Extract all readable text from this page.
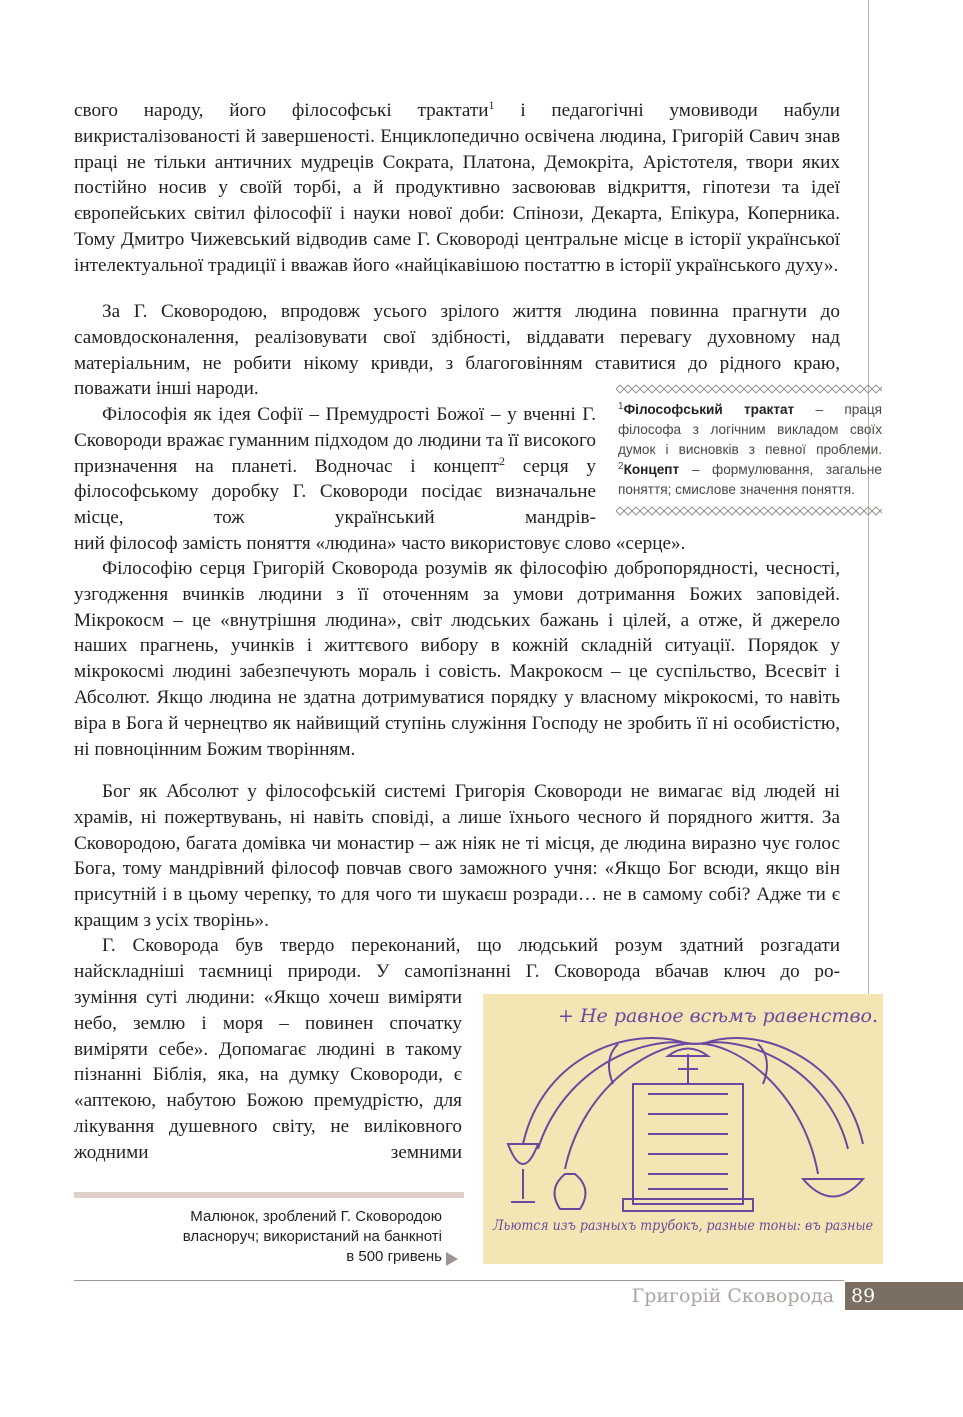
свого народу, його філософські трактати$^1$ і педагогічні умовиводи набули викристалізованості й завершеності. Енциклопедично освічена людина, Григорій Савич знав праці не тільки античних мудреців Сократа, Платона, Демокріта, Арістотеля, твори яких постійно носив у своїй торбі, а й продуктивно засвоював відкриття, гіпотези та ідеї європейських світил філософії і науки нової доби: Спінози, Декарта, Епікура, Коперника. Тому Дмитро Чижевський відводив саме Г. Сковороді центральне місце в історії української інтелектуальної традиції і вважав його «найцікавішою постаттю в історії українського духу».

За Г. Сковородою, впродовж усього зрілого життя людина повинна прагнути до самовдосконалення, реалізовувати свої здібності, віддавати перевагу духовному над матеріальним, не робити нікому кривди, з благоговінням ставитися до рідного краю, поважати інші народи.

Філософія як ідея Софії – Премудрості Божої – у вченні Г. Сковороди вражає гуманним підходом до людини та її високого призначення на планеті. Водночас і концепт$^2$ серця у філософському доробку Г. Сковороди посідає визначальне місце, тож український мандрів-

ний філософ замість поняття «людина» часто використовує слово «серце».

Філософію серця Григорій Сковорода розумів як філософію добропорядності, чесності, узгодження вчинків людини з її оточенням за умови дотримання Божих заповідей. Мікрокосм – це «внутрішня людина», світ людських бажань і цілей, а отже, й джерело наших прагнень, учинків і життєвого вибору в кожній складній ситуації. Порядок у мікрокосмі людині забезпечують мораль і совість. Макрокосм – це суспільство, Всесвіт і Абсолют. Якщо людина не здатна дотримуватися порядку у власному мікрокосмі, то навіть віра в Бога й чернецтво як найвищий ступінь служіння Господу не зробить її ні особистістю, ні повноцінним Божим творінням.

Бог як Абсолют у філософській системі Григорія Сковороди не вимагає від людей ні храмів, ні пожертвувань, ні навіть сповіді, а лише їхнього чесного й порядного життя. За Сковородою, багата домівка чи монастир – аж ніяк не ті місця, де людина виразно чує голос Бога, тому мандрівний філософ повчав свого заможного учня: «Якщо Бог всюди, якщо він присутній і в цьому черепку, то для чого ти шукаєш розради… не в самому собі? Адже ти є кращим з усіх творінь».

Г. Сковорода був твердо переконаний, що людський розум здатний розгадати найскладніші таємниці природи. У самопізнанні Г. Сковорода вбачав ключ до ро-

зуміння суті людини: «Якщо хочеш виміряти небо, землю і моря – повинен спочатку виміряти себе». Допомагає людині в такому пізнанні Біблія, яка, на думку Сковороди, є «аптекою, набутою Божою премудрістю, для лікування душевного світу, не виліковного жодними земними

$^1$Філософський трактат – праця філософа з логічним викладом своїх думок і висновків з певної проблеми.
$^2$Концепт – формулювання, загальне поняття; смислове значення поняття.
+ Не равное всѣмъ равенство.
Льются изъ разныхъ трубокъ, разные тоны: въ разные
Малюнок, зроблений Г. Сковородою
власноруч; використаний на банкноті
в 500 гривень
Григорій Сковорода 89
